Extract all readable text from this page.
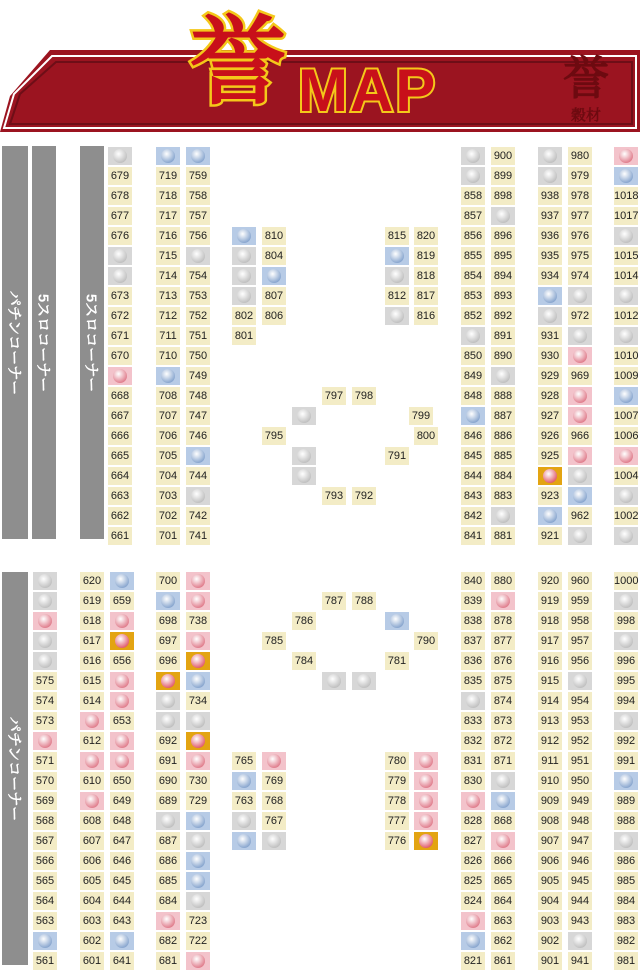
誉 MAP	誉
穀材
パチンコーナー 5スロコーナー 5スロコーナー
パチンコーナー
679
678
677
676
673
672
671
670
668
667
666
665
664
663
662
661
719
718
717
716
715
714
713
712
711
710
708
707
706
705
704
703
702
701
759
758
757
756
754
753
752
751
750
749
748
747
746
744
742
741
802
801
810
804
807
806
815
812
820
819
818
817
816
797 798
799
795	800
791
793 792
858
857
856
855
854
853
852
850
849
848
846
845
844
843
842
841
900
899
898
896
895
894
893
892
891
890
888
887
886
885
884
883
881
938
937
936
935
934
931
930
929
928
927
926
925
923
921
980
979
978
977
976
975
974
972
969
966
962
1018
1017
1015
1014
1012
1010
1009
1007
1006
1004
1002
575
574
573
571
570
569
568
567
566
565
564
563
561
620
619
618
617
616
615
614
612
610
608
607
606
605
604
603
602
601
659
656
653
650
649
648
647
646
645
644
643
641
700
698
697
696
692
691
690
689
687
686
685
684
682
681
738
734
730
729
723
722
765
763
769
768
767
787 788
786
785
784
790
781
780
779
778
777
776
840
839
838
837
836
835
833
832
831
830
828
827
826
825
824
821
880
878
877
876
875
874
873
872
871
868
866
865
864
863
862
861
920
919
918
917
916
915
914
913
912
911
910
909
908
907
906
905
904
903
902
901
960
959
958
957
956
954
953
952
951
950
949
948
947
946
945
944
943
941
1000
998
996
995
994
992
991
989
988
986
985
984
983
982
981
